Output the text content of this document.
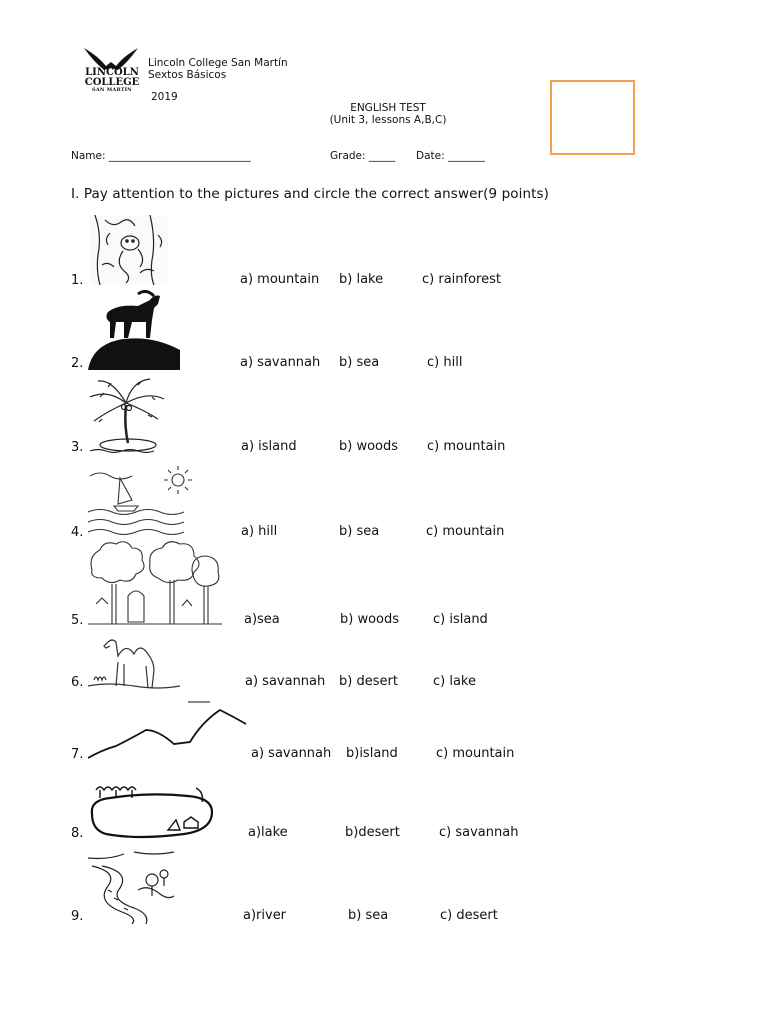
LINCOLN
COLLEGE
SAN MARTÍN
Lincoln College San Martín
Sextos Básicos
2019
ENGLISH TEST
(Unit 3, lessons A,B,C)
Name: ___________________________	Grade: _____ Date: _______
I. Pay attention to the pictures and circle the correct answer(9 points)
1.	a) mountain b) lake	c) rainforest
2.	a) savannah b) sea	c) hill
3.	a) island	b) woods c) mountain
4.	a) hill	b) sea	c) mountain
5.	a)sea	b) woods	c) island
6.	a) savannah b) desert	c) lake
7.	a) savannah b)island	c) mountain
8.	a)lake	b)desert	c) savannah
9.	a)river	b) sea	c) desert
